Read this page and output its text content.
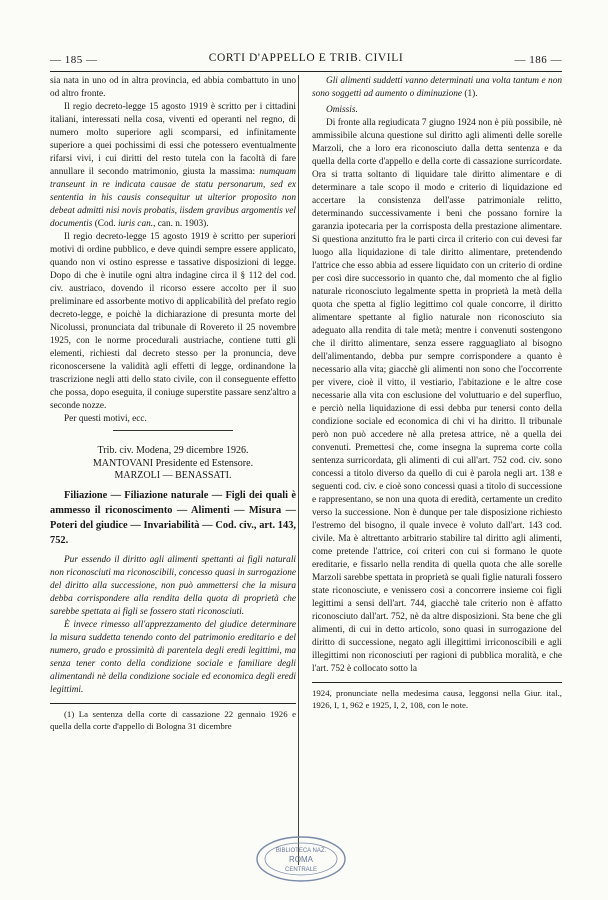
— 185 —	CORTI D'APPELLO E TRIB. CIVILI	— 186 —

sia nata in uno od in altra provincia, ed abbia combattuto in uno od altro fronte.

Il regio decreto-legge 15 agosto 1919 è scritto per i cittadini italiani, interessati nella cosa, viventi ed operanti nel regno, di numero molto superiore agli scomparsi, ed infinitamente superiore a quei pochissimi di essi che potessero eventualmente rifarsi vivi, i cui diritti del resto tutela con la facoltà di fare annullare il secondo matrimonio, giusta la massima: numquam transeunt in re indicata causae de statu personarum, sed ex sententia in his causis consequitur ut ulterior proposito non debeat admitti nisi novis probatis, iisdem gravibus argomentis vel documentis (Cod. iuris can., can. n. 1903).

Il regio decreto-legge 15 agosto 1919 è scritto per superiori motivi di ordine pubblico, e deve quindi sempre essere applicato, quando non vi ostino espresse e tassative disposizioni di legge. Dopo di che è inutile ogni altra indagine circa il § 112 del cod. civ. austriaco, dovendo il ricorso essere accolto per il suo preliminare ed assorbente motivo di applicabilità del prefato regio decreto-legge, e poichè la dichiarazione di presunta morte del Nicolussi, pronunciata dal tribunale di Rovereto il 25 novembre 1925, con le norme procedurali austriache, contiene tutti gli elementi, richiesti dal decreto stesso per la pronuncia, deve riconoscersene la validità agli effetti di legge, ordinandone la trascrizione negli atti dello stato civile, con il conseguente effetto che possa, dopo eseguita, il coniuge superstite passare senz'altro a seconde nozze.

Per questi motivi, ecc.

Trib. civ. Modena, 29 dicembre 1926.

MANTOVANI Presidente ed Estensore.

MARZOLI — BENASSATI.

Filiazione — Filiazione naturale — Figli dei quali è ammesso il riconoscimento — Alimenti — Misura — Poteri del giudice — Invariabilità — Cod. civ., art. 143, 752.

Pur essendo il diritto agli alimenti spettanti ai figli naturali non riconosciuti ma riconoscibili, concesso quasi in surrogazione del diritto alla successione, non può ammettersi che la misura debba corrispondere alla rendita della quota di proprietà che sarebbe spettata ai figli se fossero stati riconosciuti.

È invece rimesso all'apprezzamento del giudice determinare la misura suddetta tenendo conto del patrimonio ereditario e del numero, grado e prossimità di parentela degli eredi legittimi, ma senza tener conto della condizione sociale e familiare degli alimentandi nè della condizione sociale ed economica degli eredi legittimi.

(1) La sentenza della corte di cassazione 22 gennaio 1926 e quella della corte d'appello di Bologna 31 dicembre

Gli alimenti suddetti vanno determinati una volta tantum e non sono soggetti ad aumento o diminuzione (1).

Omissis.

Di fronte alla regiudicata 7 giugno 1924 non è più possibile, nè ammissibile alcuna questione sul diritto agli alimenti delle sorelle Marzoli, che a loro era riconosciuto dalla detta sentenza e da quella della corte d'appello e della corte di cassazione surricordate. Ora si tratta soltanto di liquidare tale diritto alimentare e di determinare a tale scopo il modo e criterio di liquidazione ed accertare la consistenza dell'asse patrimoniale relitto, determinando successivamente i beni che possano fornire la garanzia ipotecaria per la corrisposta della prestazione alimentare. Si questiona anzitutto fra le parti circa il criterio con cui devesi far luogo alla liquidazione di tale diritto alimentare, pretendendo l'attrice che esso abbia ad essere liquidato con un criterio di ordine per così dire successorio in quanto che, dal momento che al figlio naturale riconosciuto legalmente spetta in proprietà la metà della quota che spetta al figlio legittimo col quale concorre, il diritto alimentare spettante al figlio naturale non riconosciuto sia adeguato alla rendita di tale metà; mentre i convenuti sostengono che il diritto alimentare, senza essere ragguagliato al bisogno dell'alimentando, debba pur sempre corrispondere a quanto è necessario alla vita; giacchè gli alimenti non sono che l'occorrente per vivere, cioè il vitto, il vestiario, l'abitazione e le altre cose necessarie alla vita con esclusione del voluttuario e del superfluo, e perciò nella liquidazione di essi debba pur tenersi conto della condizione sociale ed economica di chi vi ha diritto. Il tribunale però non può accedere nè alla pretesa attrice, nè a quella dei convenuti. Premettesi che, come insegna la suprema corte colla sentenza surricordata, gli alimenti di cui all'art. 752 cod. civ. sono concessi a titolo diverso da quello di cui è parola negli art. 138 e seguenti cod. civ. e cioè sono concessi quasi a titolo di successione e rappresentano, se non una quota di eredità, certamente un credito verso la successione. Non è dunque per tale disposizione richiesto l'estremo del bisogno, il quale invece è voluto dall'art. 143 cod. civile. Ma è altrettanto arbitrario stabilire tal diritto agli alimenti, come pretende l'attrice, coi criteri con cui si formano le quote ereditarie, e fissarlo nella rendita di quella quota che alle sorelle Marzoli sarebbe spettata in proprietà se quali figlie naturali fossero state riconosciute, e venissero così a concorrere insieme coi figli legittimi a sensi dell'art. 744, giacchè tale criterio non è affatto riconosciuto dall'art. 752, nè da altre disposizioni. Sta bene che gli alimenti, di cui in detto articolo, sono quasi in surrogazione del diritto di successione, negato agli illegittimi irriconoscibili e agli illegittimi non riconosciuti per ragioni di pubblica moralità, e che l'art. 752 è collocato sotto la

1924, pronunciate nella medesima causa, leggonsi nella Giur. ital., 1926, I, 1, 962 e 1925, I, 2, 108, con le note.

BIBLIOTECA NAZ.
ROMA
CENTRALE
